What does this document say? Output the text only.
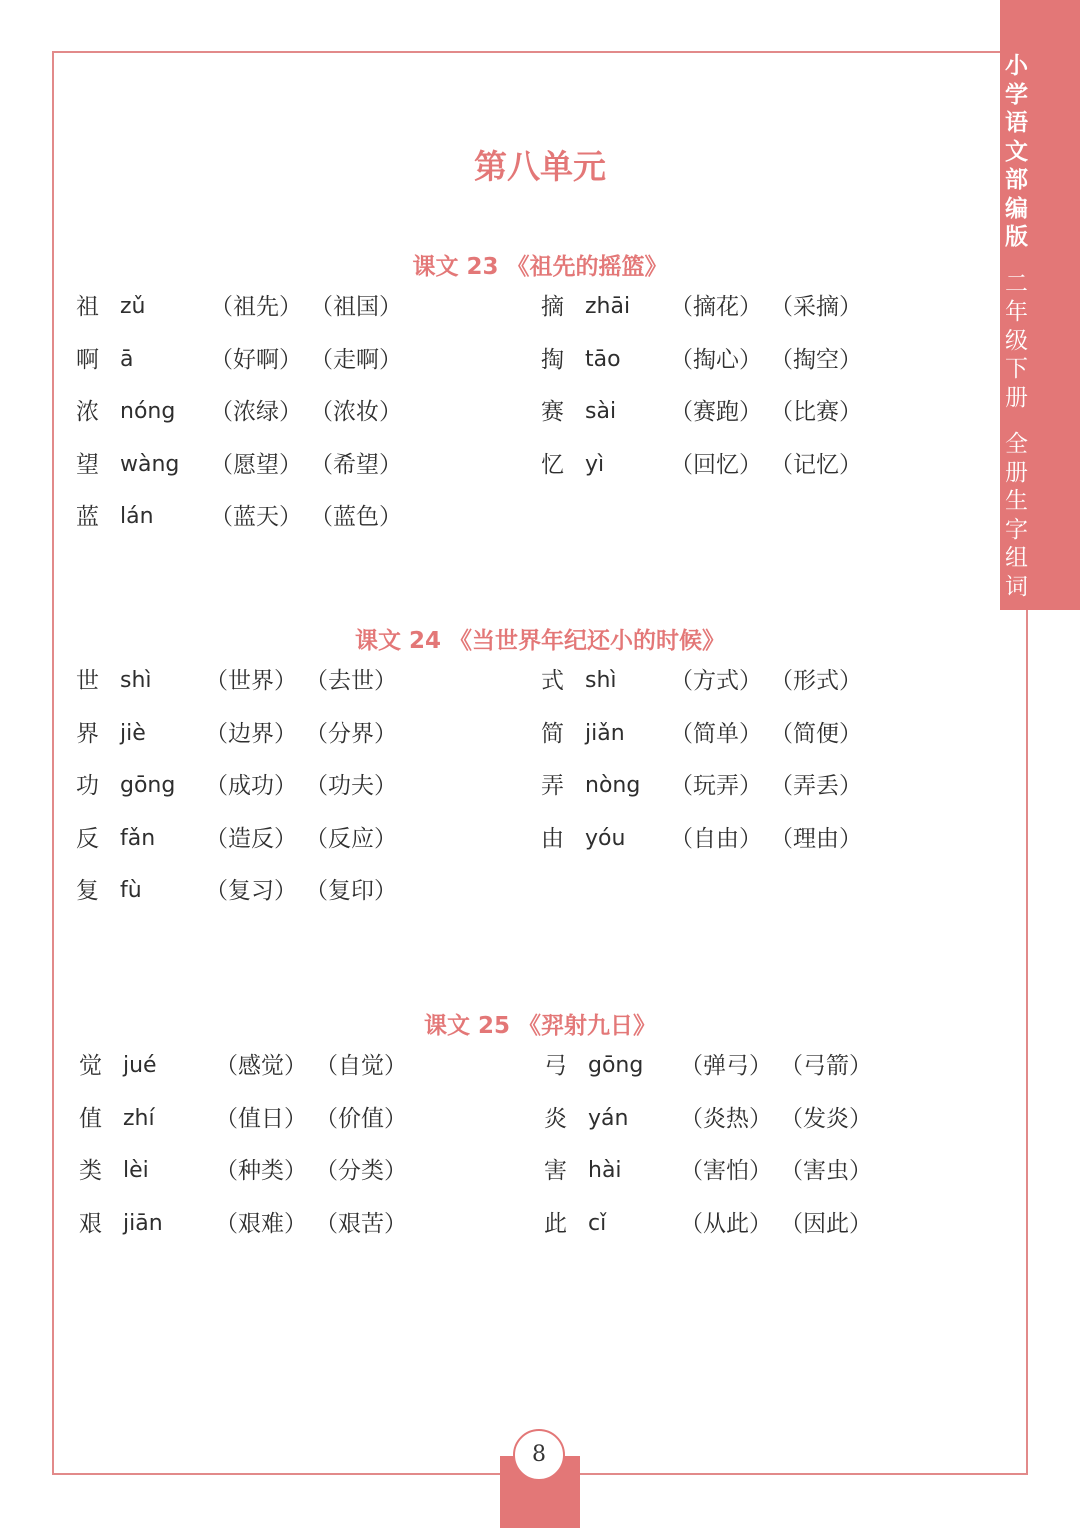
小
学
语
文
部
编
版
二
年
级
下
册
全
册
生
字
组
词
第八单元
课文 23 《祖先的摇篮》
祖 zǔ	（祖先） （祖国）
啊 ā	（好啊） （走啊）
浓 nóng （浓绿） （浓妆）
望 wàng （愿望） （希望）
蓝 lán （蓝天） （蓝色）
摘 zhāi （摘花） （采摘）
掏 tāo （掏心） （掏空）
赛 sài （赛跑） （比赛）
忆 yì	（回忆） （记忆）
课文 24 《当世界年纪还小的时候》
世 shì （世界） （去世）
界 jiè	（边界） （分界）
功 gōng （成功） （功夫）
反 fǎn （造反） （反应）
复 fù	（复习） （复印）
式 shì （方式） （形式）
简 jiǎn （简单） （简便）
弄 nòng （玩弄） （弄丢）
由 yóu （自由） （理由）
课文 25 《羿射九日》
觉 jué	（感觉） （自觉）
值 zhí	（值日） （价值）
类 lèi	（种类） （分类）
艰 jiān （艰难） （艰苦）
弓 gōng （弹弓） （弓箭）
炎 yán （炎热） （发炎）
害 hài	（害怕） （害虫）
此 cǐ	（从此） （因此）
8
